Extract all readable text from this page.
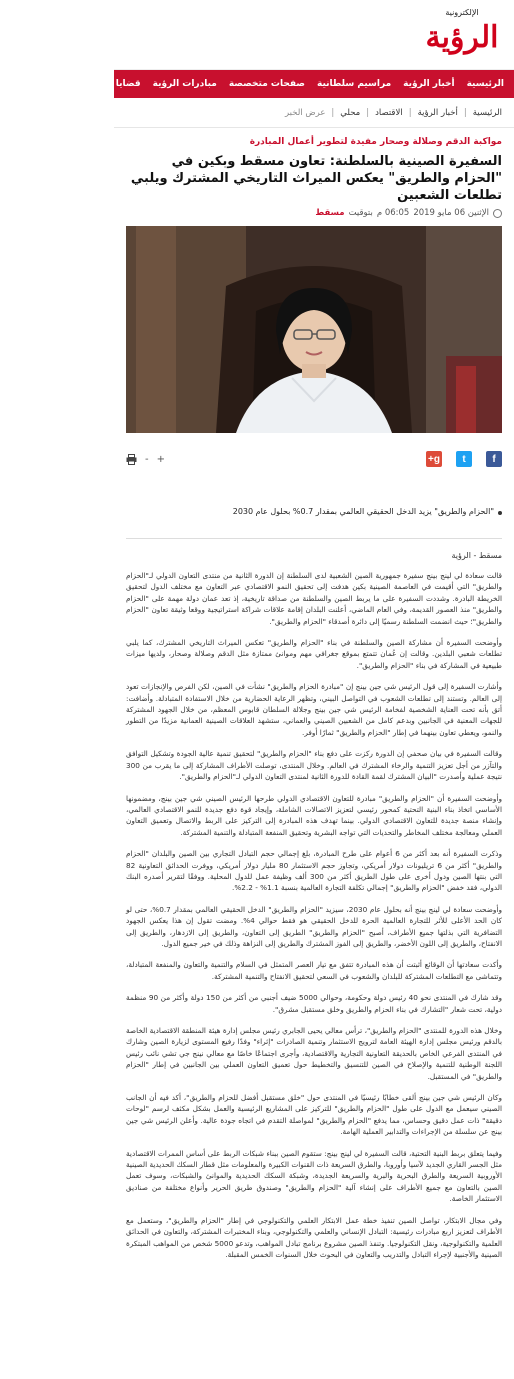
الإلكترونية
الرؤية
الرئيسية
أخبار الرؤية
مراسيم سلطانية
صفحات متخصصة
مبادرات الرؤية
قضايا محلية
الدولة والشورى
الرئيسية
|
أخبار الرؤية
|
الاقتصاد
|
محلي
|
عرض الخبر
مواكبة الدقم وصلالة وصحار مفيدة لتطوير أعمال المبادرة
السفيرة الصينية بالسلطنة: تعاون مسقط وبكين في "الحزام والطريق" يعكس الميراث التاريخي المشترك ويلبي تطلعات الشعبين
الإثنين 06 مايو 2019
06:05 م
بتوقيت
مسقط
f
t
g+
+
-
"الحزام والطريق" يزيد الدخل الحقيقي العالمي بمقدار 0.7% بحلول عام 2030
مسقط - الرؤية

قالت سعادة لي لينج بينج سفيرة جمهورية الصين الشعبية لدى السلطنة إن الدورة الثانية من منتدى التعاون الدولي لـ"الحزام والطريق" التي أقيمت في العاصمة الصينية بكين هدفت إلى تحقيق النمو الاقتصادي عبر التعاون مع مختلف الدول لتحقيق الخريطة البادرة. وشددت السفيرة على ما يربط الصين والسلطنة من صداقة تاريخية، إذ تعد عمان دولة مهمة على "الحزام والطريق" منذ العصور القديمة، وفي العام الماضي، أعلنت البلدان إقامة علاقات شراكة استراتيجية ووقعا وثيقة تعاون "الحزام والطريق"؛ حيث انضمت السلطنة رسميًا إلى دائرة أصدقاء "الحزام والطريق".

وأوضحت السفيرة أن مشاركة الصين والسلطنة في بناء "الحزام والطريق" تعكس الميراث التاريخي المشترك، كما يلبي تطلعات شعبي البلدين. وقالت إن عُمان تتمتع بموقع جغرافي مهم وموانئ ممتازة مثل الدقم وصلالة وصحار، ولديها ميزات طبيعية في المشاركة في بناء "الحزام والطريق".

وأشارت السفيرة إلى قول الرئيس شي جين بينج إن "مبادرة الحزام والطريق" نشأت في الصين، لكن الفرص والإنجازات تعود إلى العالم. وتستند إلى تطلعات الشعوب في التواصل البيني، وتظهر الرعاية الحضارية من خلال الاستفادة المتبادلة. وأضافت: أتق بأنه تحت العناية الشخصية لفخامة الرئيس شي جين بينج وجلالة السلطان قابوس المعظم، من خلال الجهود المشتركة للجهات المعنية في الجانبين وبدعم كامل من الشعبين الصيني والعماني، ستشهد العلاقات الصينية العمانية مزيدًا من التطور والنمو، ويعطي تعاون بينهما في إطار "الحزام والطريق" ثمارًا أوفر.

وقالت السفيرة في بيان صحفي إن الدورة ركزت على دفع بناء "الحزام والطريق" لتحقيق تنمية عالية الجودة وتشكيل التوافق والتآزر من أجل تعزيز التنمية والرخاء المشترك في العالم. وخلال المنتدى، توصلت الأطراف المشاركة إلى ما يقرب من 300 نتيجة عملية وأصدرت "البيان المشترك لقمة القادة للدورة الثانية لمنتدى التعاون الدولي لـ"الحزام والطريق".

وأوضحت السفيرة أن "الحزام والطريق" مبادرة للتعاون الاقتصادي الدولي طرحها الرئيس الصيني شي جين بينج، ومضمونها الأساسي اتخاذ بناء البنية التحتية كمحور رئيسي لتعزيز الاتصالات الشاملة، وإيجاد قوة دفع جديدة للنمو الاقتصادي العالمي، وإنشاء منصة جديدة للتعاون الاقتصادي الدولي. بينما تهدف هذه المبادرة إلى التركيز على الربط والاتصال وتعميق التعاون العملي ومعالجة مختلف المخاطر والتحديات التي تواجه البشرية وتحقيق المنفعة المتبادلة والتنمية المشتركة.

وذكرت السفيرة أنه بعد أكثر من 6 أعوام على طرح المبادرة، بلغ إجمالي حجم التبادل التجاري بين الصين والبلدان "الحزام والطريق" أكثر من 6 تريليونات دولار أمريكي، وتجاوز حجم الاستثمار 80 مليار دولار أمريكي، ووفرت الحدائق التعاونية 82 التي بنتها الصين ودول أخرى على طول الطريق أكثر من 300 ألف وظيفة عمل للدول المحلية. ووفقًا لتقرير أصدره البنك الدولي، فقد خفض "الحزام والطريق" إجمالي تكلفة التجارة العالمية بنسبة 1.1% - 2.2%.

وأوضحت سعادة لي لينج بينج أنه بحلول عام 2030، سيزيد "الحزام والطريق" الدخل الحقيقي العالمي بمقدار 0.7%، حتى لو كان الحد الأعلى للأثر للتجارة العالمية الحرة للدخل الحقيقي هو فقط حوالي 4%. ومضت تقول إن هذا يعكس الجهود التضافرية التي بذلتها جميع الأطراف، أصبح "الحزام والطريق" الطريق إلى التعاون، والطريق إلى الازدهار، والطريق إلى الانفتاح، والطريق إلى اللون الأخضر، والطريق إلى الفوز المشترك والطريق إلى النزاهة وذلك في خير جميع الدول.

وأكدت سعادتها أن الوقائع أثبتت أن هذه المبادرة تتفق مع تيار العصر المتمثل في السلام والتنمية والتعاون والمنفعة المتبادلة، وتتماشى مع التطلعات المشتركة للبلدان والشعوب في السعي لتحقيق الانفتاح والتنمية المشتركة.

وقد شارك في المنتدى نحو 40 رئيس دولة وحكومة، وحوالي 5000 ضيف أجنبي من أكثر من 150 دولة وأكثر من 90 منظمة دولية، تحت شعار "التشارك في بناء الحزام والطريق وخلق مستقبل مشرق".

وخلال هذه الدورة للمنتدى "الحزام والطريق"، ترأس معالي يحيى الجابري رئيس مجلس إدارة هيئة المنطقة الاقتصادية الخاصة بالدقم ورئيس مجلس إدارة الهيئة العامة لترويج الاستثمار وتنمية الصادرات "إثراء" وفدًا رفيع المستوى لزيارة الصين وشارك في المنتدى الفرعي الخاص بالحديقة التعاونية التجارية والاقتصادية، وأجرى اجتماعًا خاصًا مع معالي نينج جي تشي نائب رئيس اللجنة الوطنية للتنمية والإصلاح في الصين للتنسيق والتخطيط حول تعميق التعاون العملي بين الجانبين في إطار "الحزام والطريق" في المستقبل.

وكان الرئيس شي جين بينج ألقى خطابًا رئيسيًا في المنتدى حول "خلق مستقبل أفضل للحزام والطريق"، أكد فيه أن الجانب الصيني سيعمل مع الدول على طول "الحزام والطريق" للتركيز على المشاريع الرئيسية والعمل بشكل مكثف لرسم "لوحات دقيقة" ذات عمل دقيق وحساس، مما يدفع "الحزام والطريق" لمواصلة التقدم في اتجاه جودة عالية. وأعلن الرئيس شي جين بينج عن سلسلة من الإجراءات والتدابير العملية الهامة.

وفيما يتعلق بربط البنية التحتية، قالت السفيرة لي لينج بينج: ستقوم الصين ببناء شبكات الربط على أساس الممرات الاقتصادية مثل الجسر القاري الجديد لآسيا وأوروبا، والطرق السريعة ذات القنوات الكبيرة والمعلومات مثل قطار السكك الحديدية الصينية الأوروبية السريعة والطرق البحرية والبرية والسريعة الجديدة، وشبكة السكك الحديدية والموانئ والشبكات، وسوف تعمل الصين بالتعاون مع جميع الأطراف على إنشاء آلية "الحزام والطريق" وصندوق طريق الحرير وأنواع مختلفة من صناديق الاستثمار الخاصة.

وفي مجال الابتكار، تواصل الصين تنفيذ خطة عمل الابتكار العلمي والتكنولوجي في إطار "الحزام والطريق"، وستعمل مع الأطراف لتعزيز اربع مبادرات رئيسية: التبادل الإنساني والعلمي والتكنولوجي، وبناء المختبرات المشتركة، والتعاون في الحدائق العلمية والتكنولوجية، ونقل التكنولوجيا. وتنفذ الصين مشروع برنامج تبادل المواهب، وتدعو 5000 شخص من المواهب المبتكرة الصينية والأجنبية لإجراء التبادل والتدريب والتعاون في البحوث خلال السنوات الخمس المقبلة.
